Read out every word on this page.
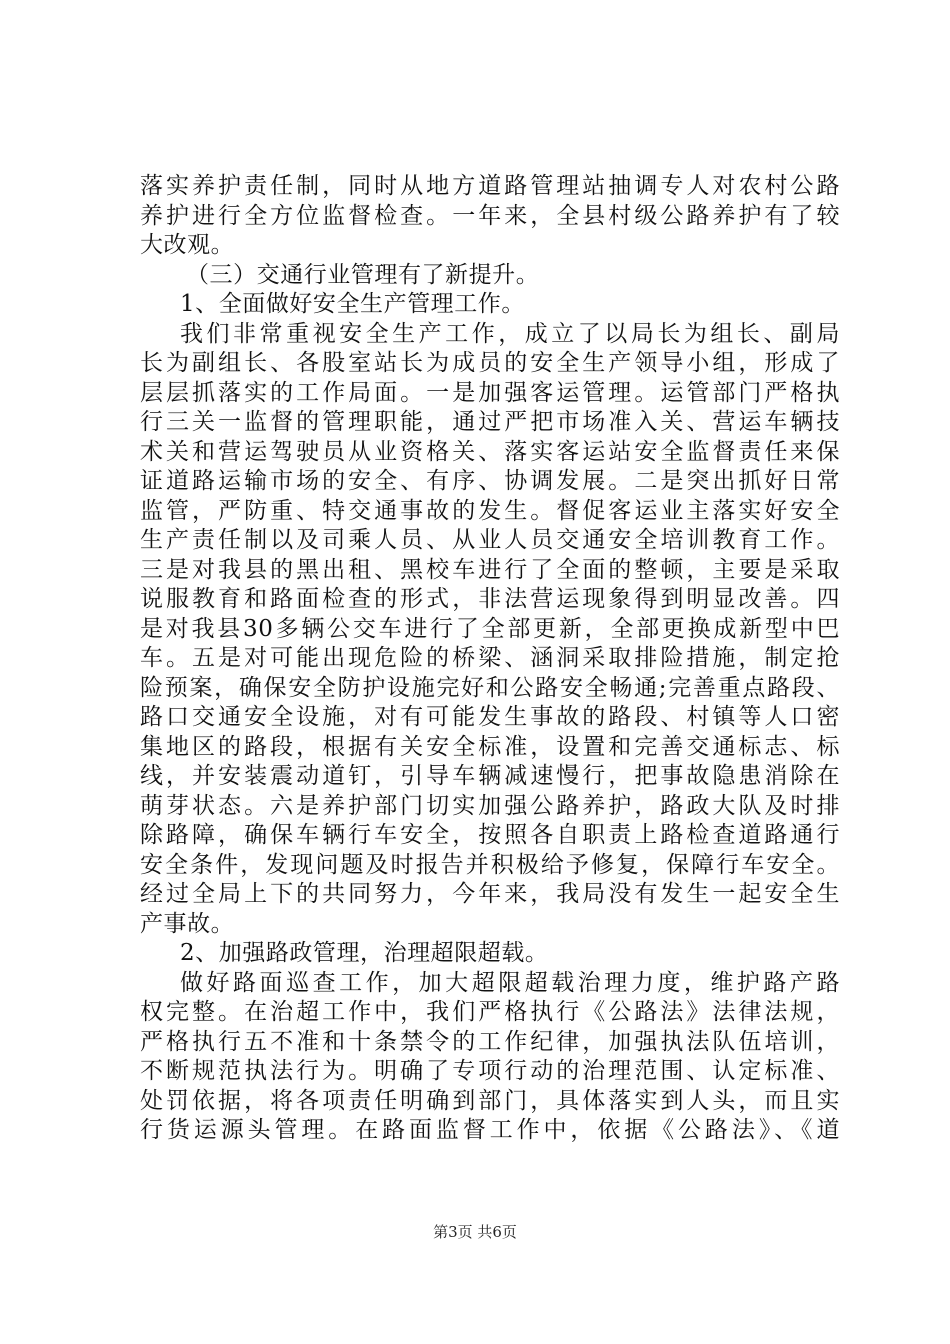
落实养护责任制，同时从地方道路管理站抽调专人对农村公路
养护进行全方位监督检查。一年来，全县村级公路养护有了较
大改观。
（三）交通行业管理有了新提升。
1、全面做好安全生产管理工作。
我们非常重视安全生产工作，成立了以局长为组长、副局
长为副组长、各股室站长为成员的安全生产领导小组，形成了
层层抓落实的工作局面。一是加强客运管理。运管部门严格执
行三关一监督的管理职能，通过严把市场准入关、营运车辆技
术关和营运驾驶员从业资格关、落实客运站安全监督责任来保
证道路运输市场的安全、有序、协调发展。二是突出抓好日常
监管，严防重、特交通事故的发生。督促客运业主落实好安全
生产责任制以及司乘人员、从业人员交通安全培训教育工作。
三是对我县的黑出租、黑校车进行了全面的整顿，主要是采取
说服教育和路面检查的形式，非法营运现象得到明显改善。四
是对我县30多辆公交车进行了全部更新，全部更换成新型中巴
车。五是对可能出现危险的桥梁、涵洞采取排险措施，制定抢
险预案，确保安全防护设施完好和公路安全畅通;完善重点路段、
路口交通安全设施，对有可能发生事故的路段、村镇等人口密
集地区的路段，根据有关安全标准，设置和完善交通标志、标
线，并安装震动道钉，引导车辆减速慢行，把事故隐患消除在
萌芽状态。六是养护部门切实加强公路养护，路政大队及时排
除路障，确保车辆行车安全，按照各自职责上路检查道路通行
安全条件，发现问题及时报告并积极给予修复，保障行车安全。
经过全局上下的共同努力，今年来，我局没有发生一起安全生
产事故。
2、加强路政管理，治理超限超载。
做好路面巡查工作，加大超限超载治理力度，维护路产路
权完整。在治超工作中，我们严格执行《公路法》法律法规，
严格执行五不准和十条禁令的工作纪律，加强执法队伍培训，
不断规范执法行为。明确了专项行动的治理范围、认定标准、
处罚依据，将各项责任明确到部门，具体落实到人头，而且实
行货运源头管理。在路面监督工作中，依据《公路法》、《道
第3页 共6页
